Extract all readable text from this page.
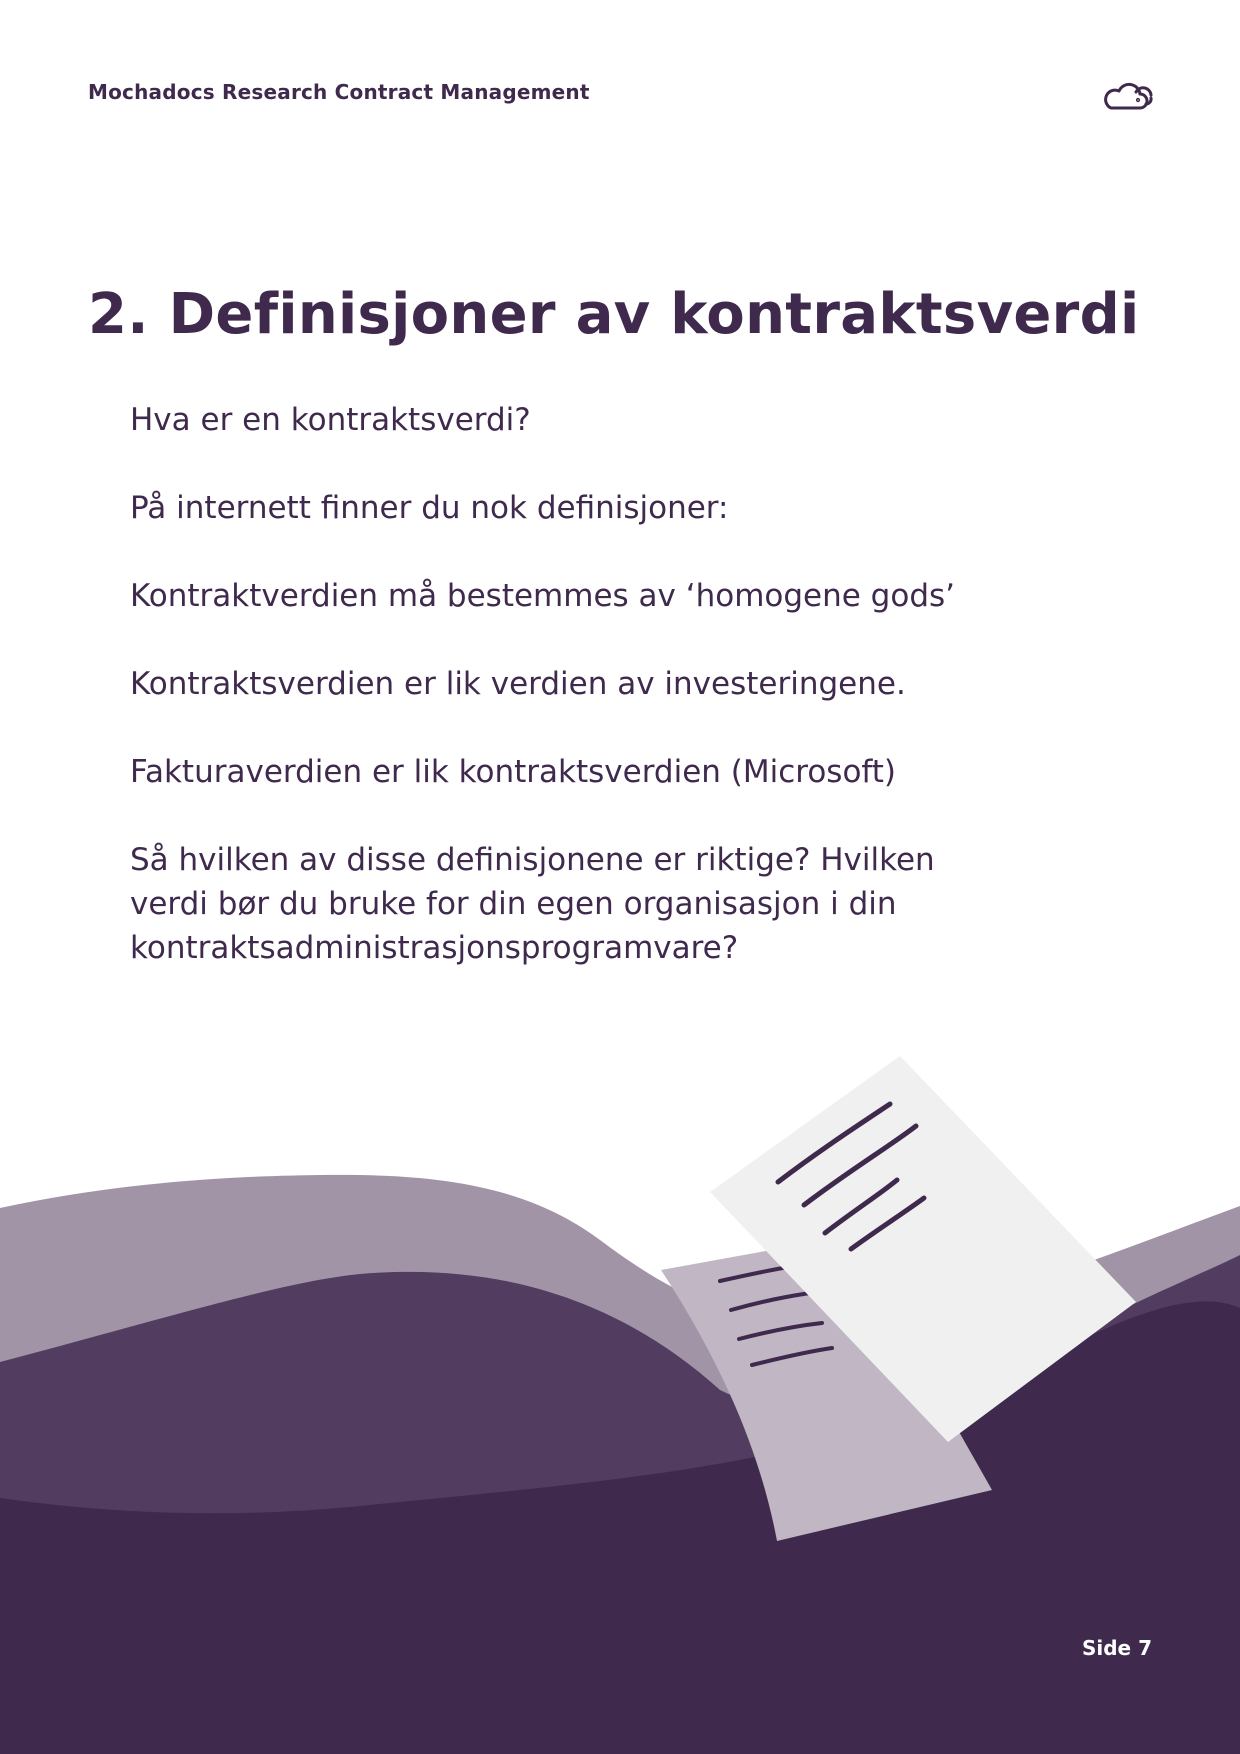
Mochadocs Research Contract Management
2. Definisjoner av kontraktsverdi

Hva er en kontraktsverdi?

På internett finner du nok definisjoner:

Kontraktverdien må bestemmes av ‘homogene gods’

Kontraktsverdien er lik verdien av investeringene.

Fakturaverdien er lik kontraktsverdien (Microsoft)

Så hvilken av disse definisjonene er riktige? Hvilken verdi bør du bruke for din egen organisasjon i din kontraktsadministrasjonsprogramvare?

Side 7
